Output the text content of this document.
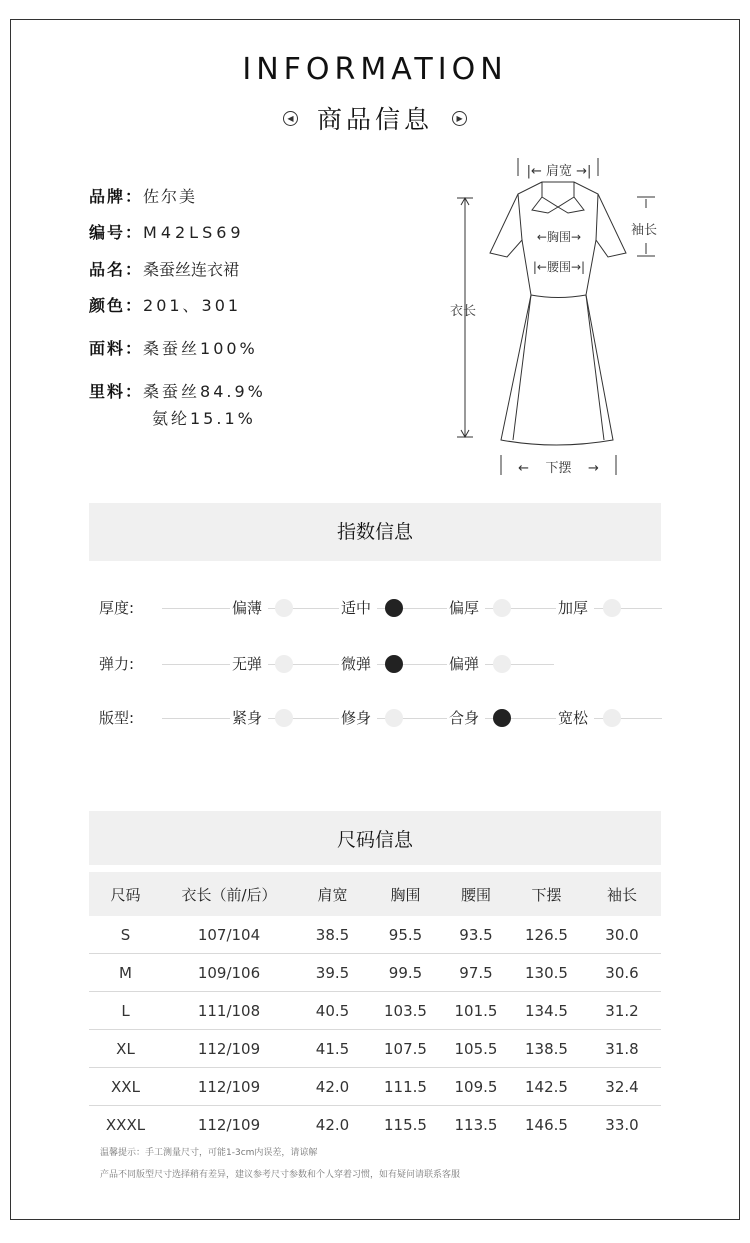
INFORMATION
◀ 商品信息	▶
品牌：佐尔美
编号：M42LS69
品名：桑蚕丝连衣裙
颜色：201、301
面料：桑蚕丝100%
里料：桑蚕丝84.9%
氨纶15.1%
|← 肩宽 →|
袖长
←胸围→
|←腰围→|
衣长
←    下摆    →
指数信息
厚度:	偏薄	适中	偏厚	加厚
弹力:	无弹	微弹	偏弹
版型:	紧身	修身	合身	宽松
尺码信息
尺码	衣长（前/后）	肩宽	胸围	腰围	下摆	袖长
S	107/104	38.5	95.5	93.5	126.5	30.0
M	109/106	39.5	99.5	97.5	130.5	30.6
L	111/108	40.5	103.5	101.5	134.5	31.2
XL	112/109	41.5	107.5	105.5	138.5	31.8
XXL	112/109	42.0	111.5	109.5	142.5	32.4
XXXL	112/109	42.0	115.5	113.5	146.5	33.0
温馨提示：手工测量尺寸，可能1-3cm内误差，请谅解
产品不同版型尺寸选择稍有差异，建议参考尺寸参数和个人穿着习惯，如有疑问请联系客服
